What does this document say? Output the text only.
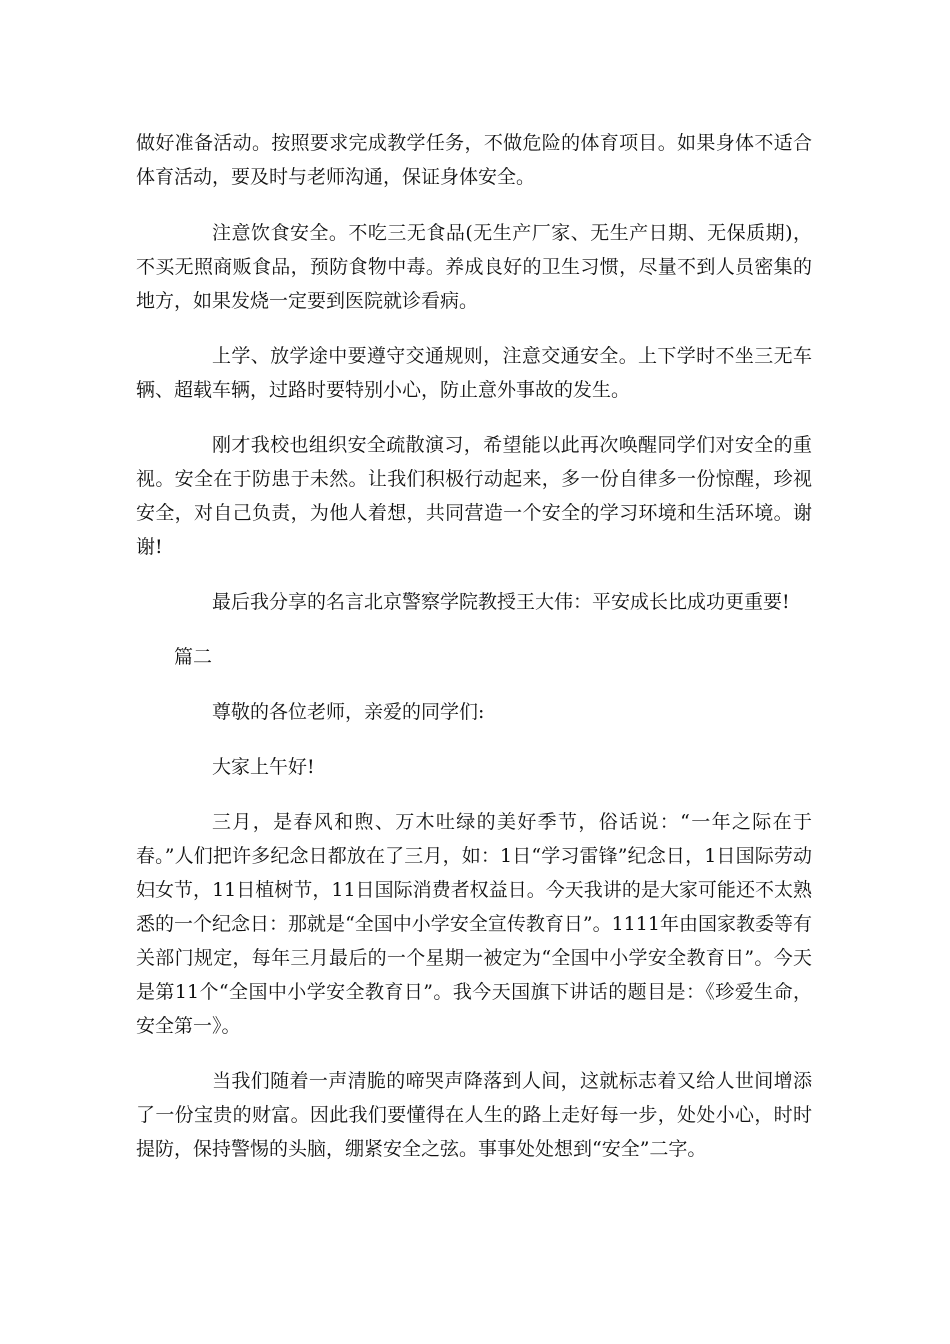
做好准备活动。按照要求完成教学任务，不做危险的体育项目。如果身体不适合体育活动，要及时与老师沟通，保证身体安全。

注意饮食安全。不吃三无食品(无生产厂家、无生产日期、无保质期)，不买无照商贩食品，预防食物中毒。养成良好的卫生习惯，尽量不到人员密集的地方，如果发烧一定要到医院就诊看病。

上学、放学途中要遵守交通规则，注意交通安全。上下学时不坐三无车辆、超载车辆，过路时要特别小心，防止意外事故的发生。

刚才我校也组织安全疏散演习，希望能以此再次唤醒同学们对安全的重视。安全在于防患于未然。让我们积极行动起来，多一份自律多一份惊醒，珍视安全，对自己负责，为他人着想，共同营造一个安全的学习环境和生活环境。谢谢!

最后我分享的名言北京警察学院教授王大伟：平安成长比成功更重要!

篇二

尊敬的各位老师，亲爱的同学们:

大家上午好!

三月，是春风和煦、万木吐绿的美好季节，俗话说：“一年之际在于春。”人们把许多纪念日都放在了三月，如：1日“学习雷锋”纪念日，1日国际劳动妇女节，11日植树节，11日国际消费者权益日。今天我讲的是大家可能还不太熟悉的一个纪念日：那就是“全国中小学安全宣传教育日”。1111年由国家教委等有关部门规定，每年三月最后的一个星期一被定为“全国中小学安全教育日”。今天是第11个“全国中小学安全教育日”。我今天国旗下讲话的题目是：《珍爱生命，安全第一》。

当我们随着一声清脆的啼哭声降落到人间，这就标志着又给人世间增添了一份宝贵的财富。因此我们要懂得在人生的路上走好每一步，处处小心，时时提防，保持警惕的头脑，绷紧安全之弦。事事处处想到“安全”二字。
